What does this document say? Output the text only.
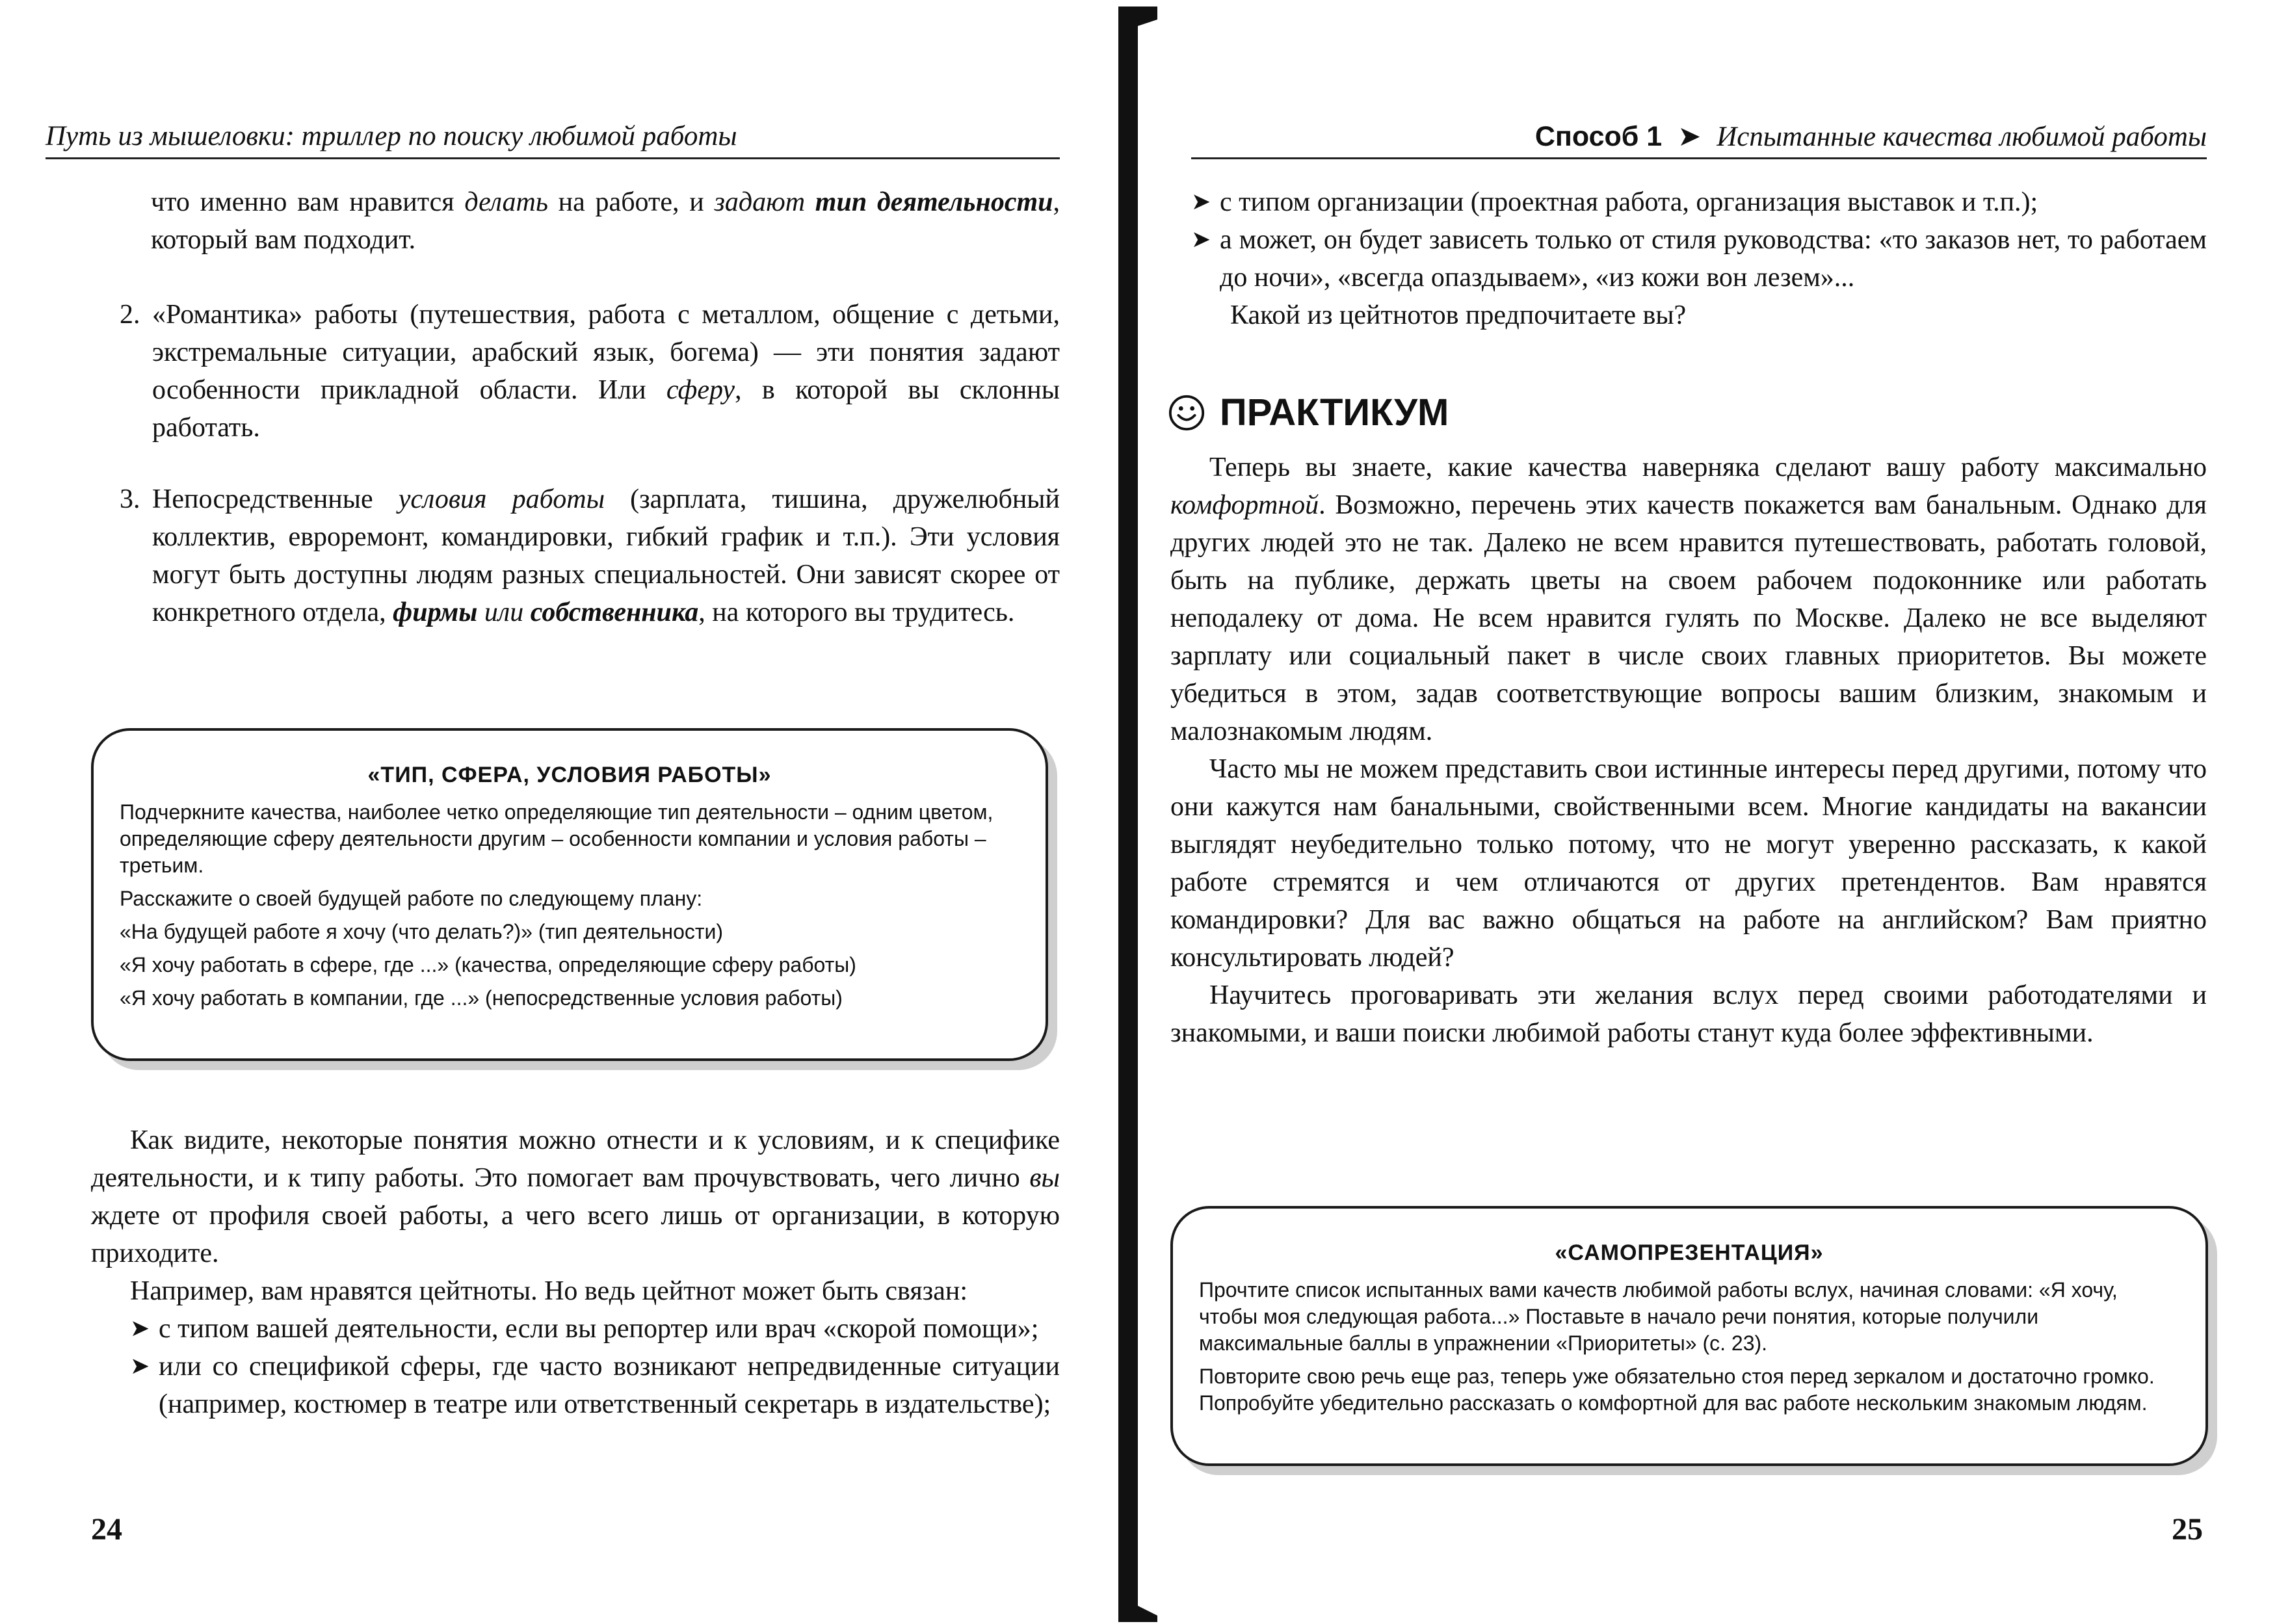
Путь из мышеловки: триллер по поиску любимой работы

что именно вам нравится делать на работе, и задают тип деятельности, который вам подходит.

2. «Романтика» работы (путешествия, работа с металлом, общение с детьми, экстремальные ситуации, арабский язык, богема) — эти понятия задают особенности прикладной области. Или сферу, в которой вы склонны работать.

3. Непосредственные условия работы (зарплата, тишина, дружелюбный коллектив, евроремонт, командировки, гибкий график и т.п.). Эти условия могут быть доступны людям разных специальностей. Они зависят скорее от конкретного отдела, фирмы или собственника, на которого вы трудитесь.

«ТИП, СФЕРА, УСЛОВИЯ РАБОТЫ»

Подчеркните качества, наиболее четко определяющие тип деятельности – одним цветом, определяющие сферу деятельности другим – особенности компании и условия работы – третьим.

Расскажите о своей будущей работе по следующему плану:

«На будущей работе я хочу (что делать?)» (тип деятельности)

«Я хочу работать в сфере, где ...» (качества, определяющие сферу работы)

«Я хочу работать в компании, где ...» (непосредственные условия работы)

Как видите, некоторые понятия можно отнести и к условиям, и к специфике деятельности, и к типу работы. Это помогает вам прочувствовать, чего лично вы ждете от профиля своей работы, а чего всего лишь от организации, в которую приходите.

Например, вам нравятся цейтноты. Но ведь цейтнот может быть связан:

➤ с типом вашей деятельности, если вы репортер или врач «скорой помощи»;

➤ или со спецификой сферы, где часто возникают непредвиденные ситуации (например, костюмер в театре или ответственный секретарь в издательстве);

24
Способ 1 ➤ Испытанные качества любимой работы

➤ с типом организации (проектная работа, организация выставок и т.п.);

➤ а может, он будет зависеть только от стиля руководства: «то заказов нет, то работаем до ночи», «всегда опаздываем», «из кожи вон лезем»...

Какой из цейтнотов предпочитаете вы?

ПРАКТИКУМ

Теперь вы знаете, какие качества наверняка сделают вашу работу максимально комфортной. Возможно, перечень этих качеств покажется вам банальным. Однако для других людей это не так. Далеко не всем нравится путешествовать, работать головой, быть на публике, держать цветы на своем рабочем подоконнике или работать неподалеку от дома. Не всем нравится гулять по Москве. Далеко не все выделяют зарплату или социальный пакет в числе своих главных приоритетов. Вы можете убедиться в этом, задав соответствующие вопросы вашим близким, знакомым и малознакомым людям.

Часто мы не можем представить свои истинные интересы перед другими, потому что они кажутся нам банальными, свойственными всем. Многие кандидаты на вакансии выглядят неубедительно только потому, что не могут уверенно рассказать, к какой работе стремятся и чем отличаются от других претендентов. Вам нравятся командировки? Для вас важно общаться на работе на английском? Вам приятно консультировать людей?

Научитесь проговаривать эти желания вслух перед своими работодателями и знакомыми, и ваши поиски любимой работы станут куда более эффективными.

«САМОПРЕЗЕНТАЦИЯ»

Прочтите список испытанных вами качеств любимой работы вслух, начиная словами: «Я хочу, чтобы моя следующая работа...» Поставьте в начало речи понятия, которые получили максимальные баллы в упражнении «Приоритеты» (с. 23).

Повторите свою речь еще раз, теперь уже обязательно стоя перед зеркалом и достаточно громко. Попробуйте убедительно рассказать о комфортной для вас работе нескольким знакомым людям.

25
